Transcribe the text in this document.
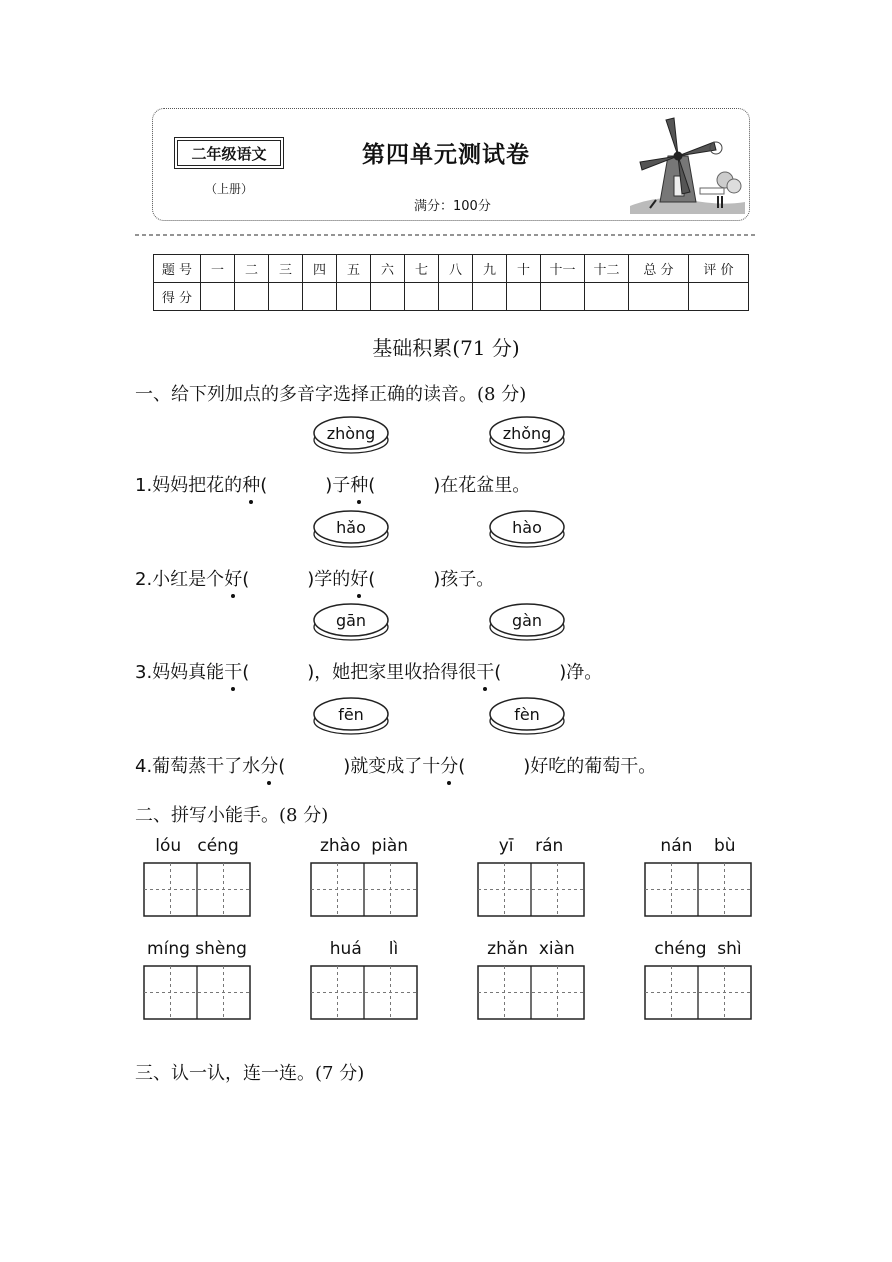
二年级语文
（上册）
第四单元测试卷
满分：100分
题 号	一	二	三	四	五	六	七	八	九	十	十一	十二	总 分	评 价
得 分														
基础积累(71 分)
一、给下列加点的多音字选择正确的读音。(8 分)
zhòng	zhǒng
1.妈妈把花的种(	)子种(	)在花盆里。
hǎo	hào
2.小红是个好(	)学的好(	)孩子。
gān	gàn
3.妈妈真能干(	)，她把家里收拾得很干(	)净。
fēn	fèn
4.葡萄蒸干了水分(	)就变成了十分(	)好吃的葡萄干。
二、拼写小能手。(8 分)
lóu   céng	zhào  piàn	yī    rán	nán    bù
míng shèng	huá     lì	zhǎn  xiàn	chéng  shì
三、认一认，连一连。(7 分)
